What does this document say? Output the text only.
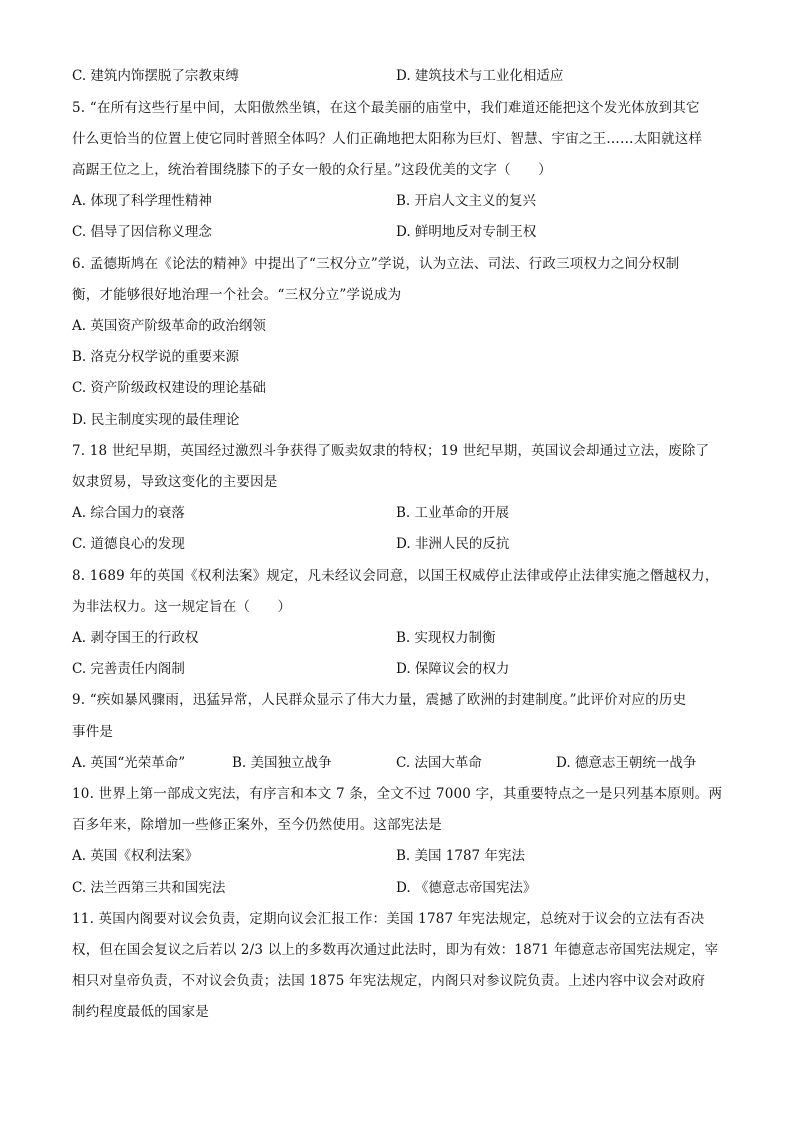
C. 建筑内饰摆脱了宗教束缚	D. 建筑技术与工业化相适应
5. “在所有这些行星中间，太阳傲然坐镇，在这个最美丽的庙堂中，我们难道还能把这个发光体放到其它
什么更恰当的位置上使它同时普照全体吗？人们正确地把太阳称为巨灯、智慧、宇宙之王……太阳就这样
高踞王位之上，统治着围绕膝下的子女一般的众行星。”这段优美的文字（　　）
A. 体现了科学理性精神	B. 开启人文主义的复兴
C. 倡导了因信称义理念	D. 鲜明地反对专制王权
6. 孟德斯鸠在《论法的精神》中提出了“三权分立”学说，认为立法、司法、行政三项权力之间分权制
衡，才能够很好地治理一个社会。“三权分立”学说成为
A. 英国资产阶级革命的政治纲领
B. 洛克分权学说的重要来源
C. 资产阶级政权建设的理论基础
D. 民主制度实现的最佳理论
7. 18 世纪早期，英国经过激烈斗争获得了贩卖奴隶的特权；19 世纪早期，英国议会却通过立法，废除了
奴隶贸易，导致这变化的主要因是
A. 综合国力的衰落	B. 工业革命的开展
C. 道德良心的发现	D. 非洲人民的反抗
8. 1689 年的英国《权利法案》规定，凡未经议会同意，以国王权威停止法律或停止法律实施之僭越权力，
为非法权力。这一规定旨在（　　）
A. 剥夺国王的行政权	B. 实现权力制衡
C. 完善责任内阁制	D. 保障议会的权力
9. “疾如暴风骤雨，迅猛异常，人民群众显示了伟大力量，震撼了欧洲的封建制度。”此评价对应的历史
事件是
A. 英国“光荣革命”	B. 美国独立战争	C. 法国大革命	D. 德意志王朝统一战争
10. 世界上第一部成文宪法，有序言和本文 7 条，全文不过 7000 字，其重要特点之一是只列基本原则。两
百多年来，除增加一些修正案外，至今仍然使用。这部宪法是
A. 英国《权利法案》	B. 美国 1787 年宪法
C. 法兰西第三共和国宪法	D. 《德意志帝国宪法》
11. 英国内阁要对议会负责，定期向议会汇报工作：美国 1787 年宪法规定，总统对于议会的立法有否决
权，但在国会复议之后若以 2/3 以上的多数再次通过此法时，即为有效：1871 年德意志帝国宪法规定，宰
相只对皇帝负责，不对议会负责；法国 1875 年宪法规定，内阁只对参议院负责。上述内容中议会对政府
制约程度最低的国家是
